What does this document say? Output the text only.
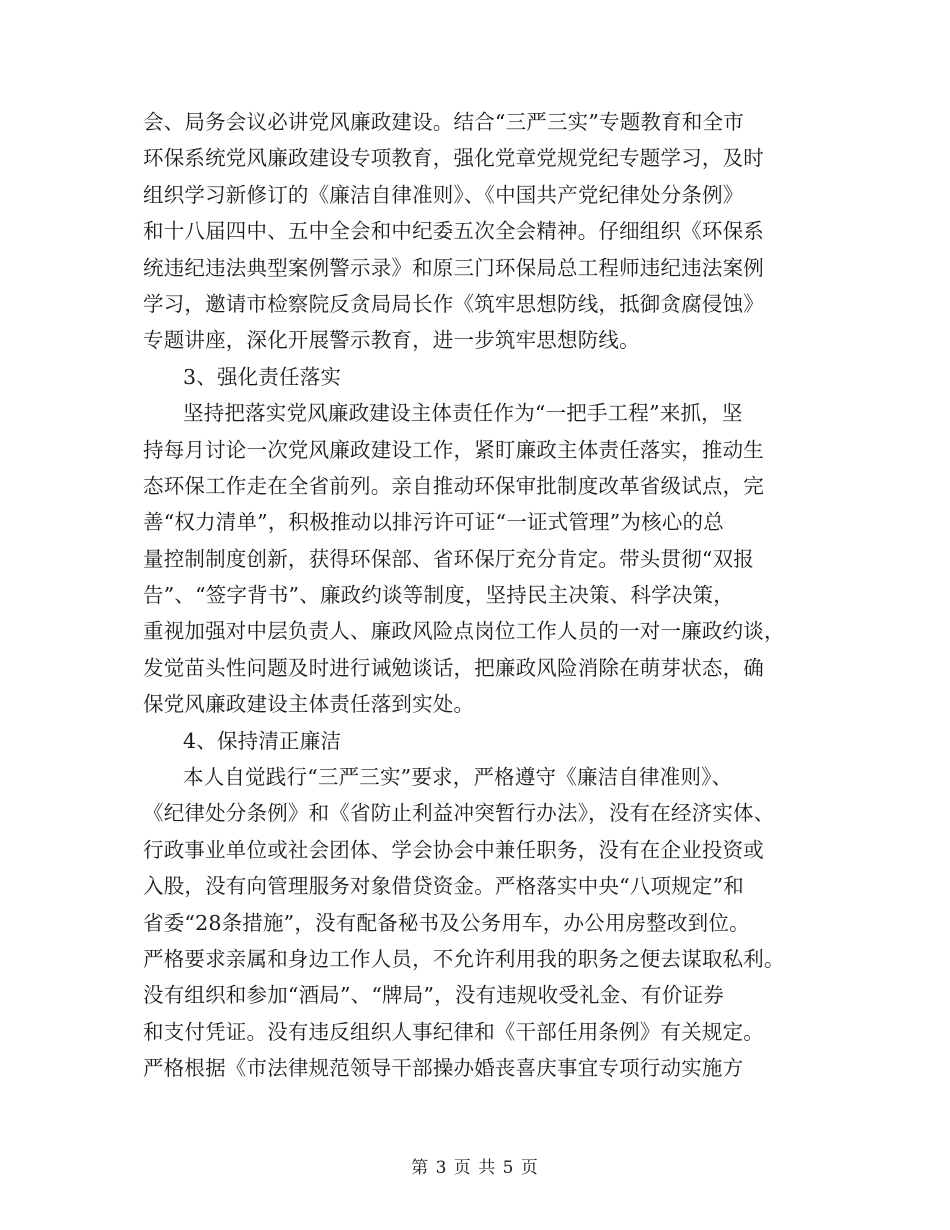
会、局务会议必讲党风廉政建设。结合“三严三实”专题教育和全市
环保系统党风廉政建设专项教育，强化党章党规党纪专题学习，及时
组织学习新修订的《廉洁自律准则》、《中国共产党纪律处分条例》
和十八届四中、五中全会和中纪委五次全会精神。仔细组织《环保系
统违纪违法典型案例警示录》和原三门环保局总工程师违纪违法案例
学习，邀请市检察院反贪局局长作《筑牢思想防线，抵御贪腐侵蚀》
专题讲座，深化开展警示教育，进一步筑牢思想防线。
3、强化责任落实
坚持把落实党风廉政建设主体责任作为“一把手工程”来抓，坚
持每月讨论一次党风廉政建设工作，紧盯廉政主体责任落实，推动生
态环保工作走在全省前列。亲自推动环保审批制度改革省级试点，完
善“权力清单”，积极推动以排污许可证“一证式管理”为核心的总
量控制制度创新，获得环保部、省环保厅充分肯定。带头贯彻“双报
告”、“签字背书”、廉政约谈等制度，坚持民主决策、科学决策，
重视加强对中层负责人、廉政风险点岗位工作人员的一对一廉政约谈，
发觉苗头性问题及时进行诫勉谈话，把廉政风险消除在萌芽状态，确
保党风廉政建设主体责任落到实处。
4、保持清正廉洁
本人自觉践行“三严三实”要求，严格遵守《廉洁自律准则》、
《纪律处分条例》和《省防止利益冲突暂行办法》，没有在经济实体、
行政事业单位或社会团体、学会协会中兼任职务，没有在企业投资或
入股，没有向管理服务对象借贷资金。严格落实中央“八项规定”和
省委“28条措施”，没有配备秘书及公务用车，办公用房整改到位。
严格要求亲属和身边工作人员，不允许利用我的职务之便去谋取私利。
没有组织和参加“酒局”、“牌局”，没有违规收受礼金、有价证券
和支付凭证。没有违反组织人事纪律和《干部任用条例》有关规定。
严格根据《市法律规范领导干部操办婚丧喜庆事宜专项行动实施方
第 3 页 共 5 页
